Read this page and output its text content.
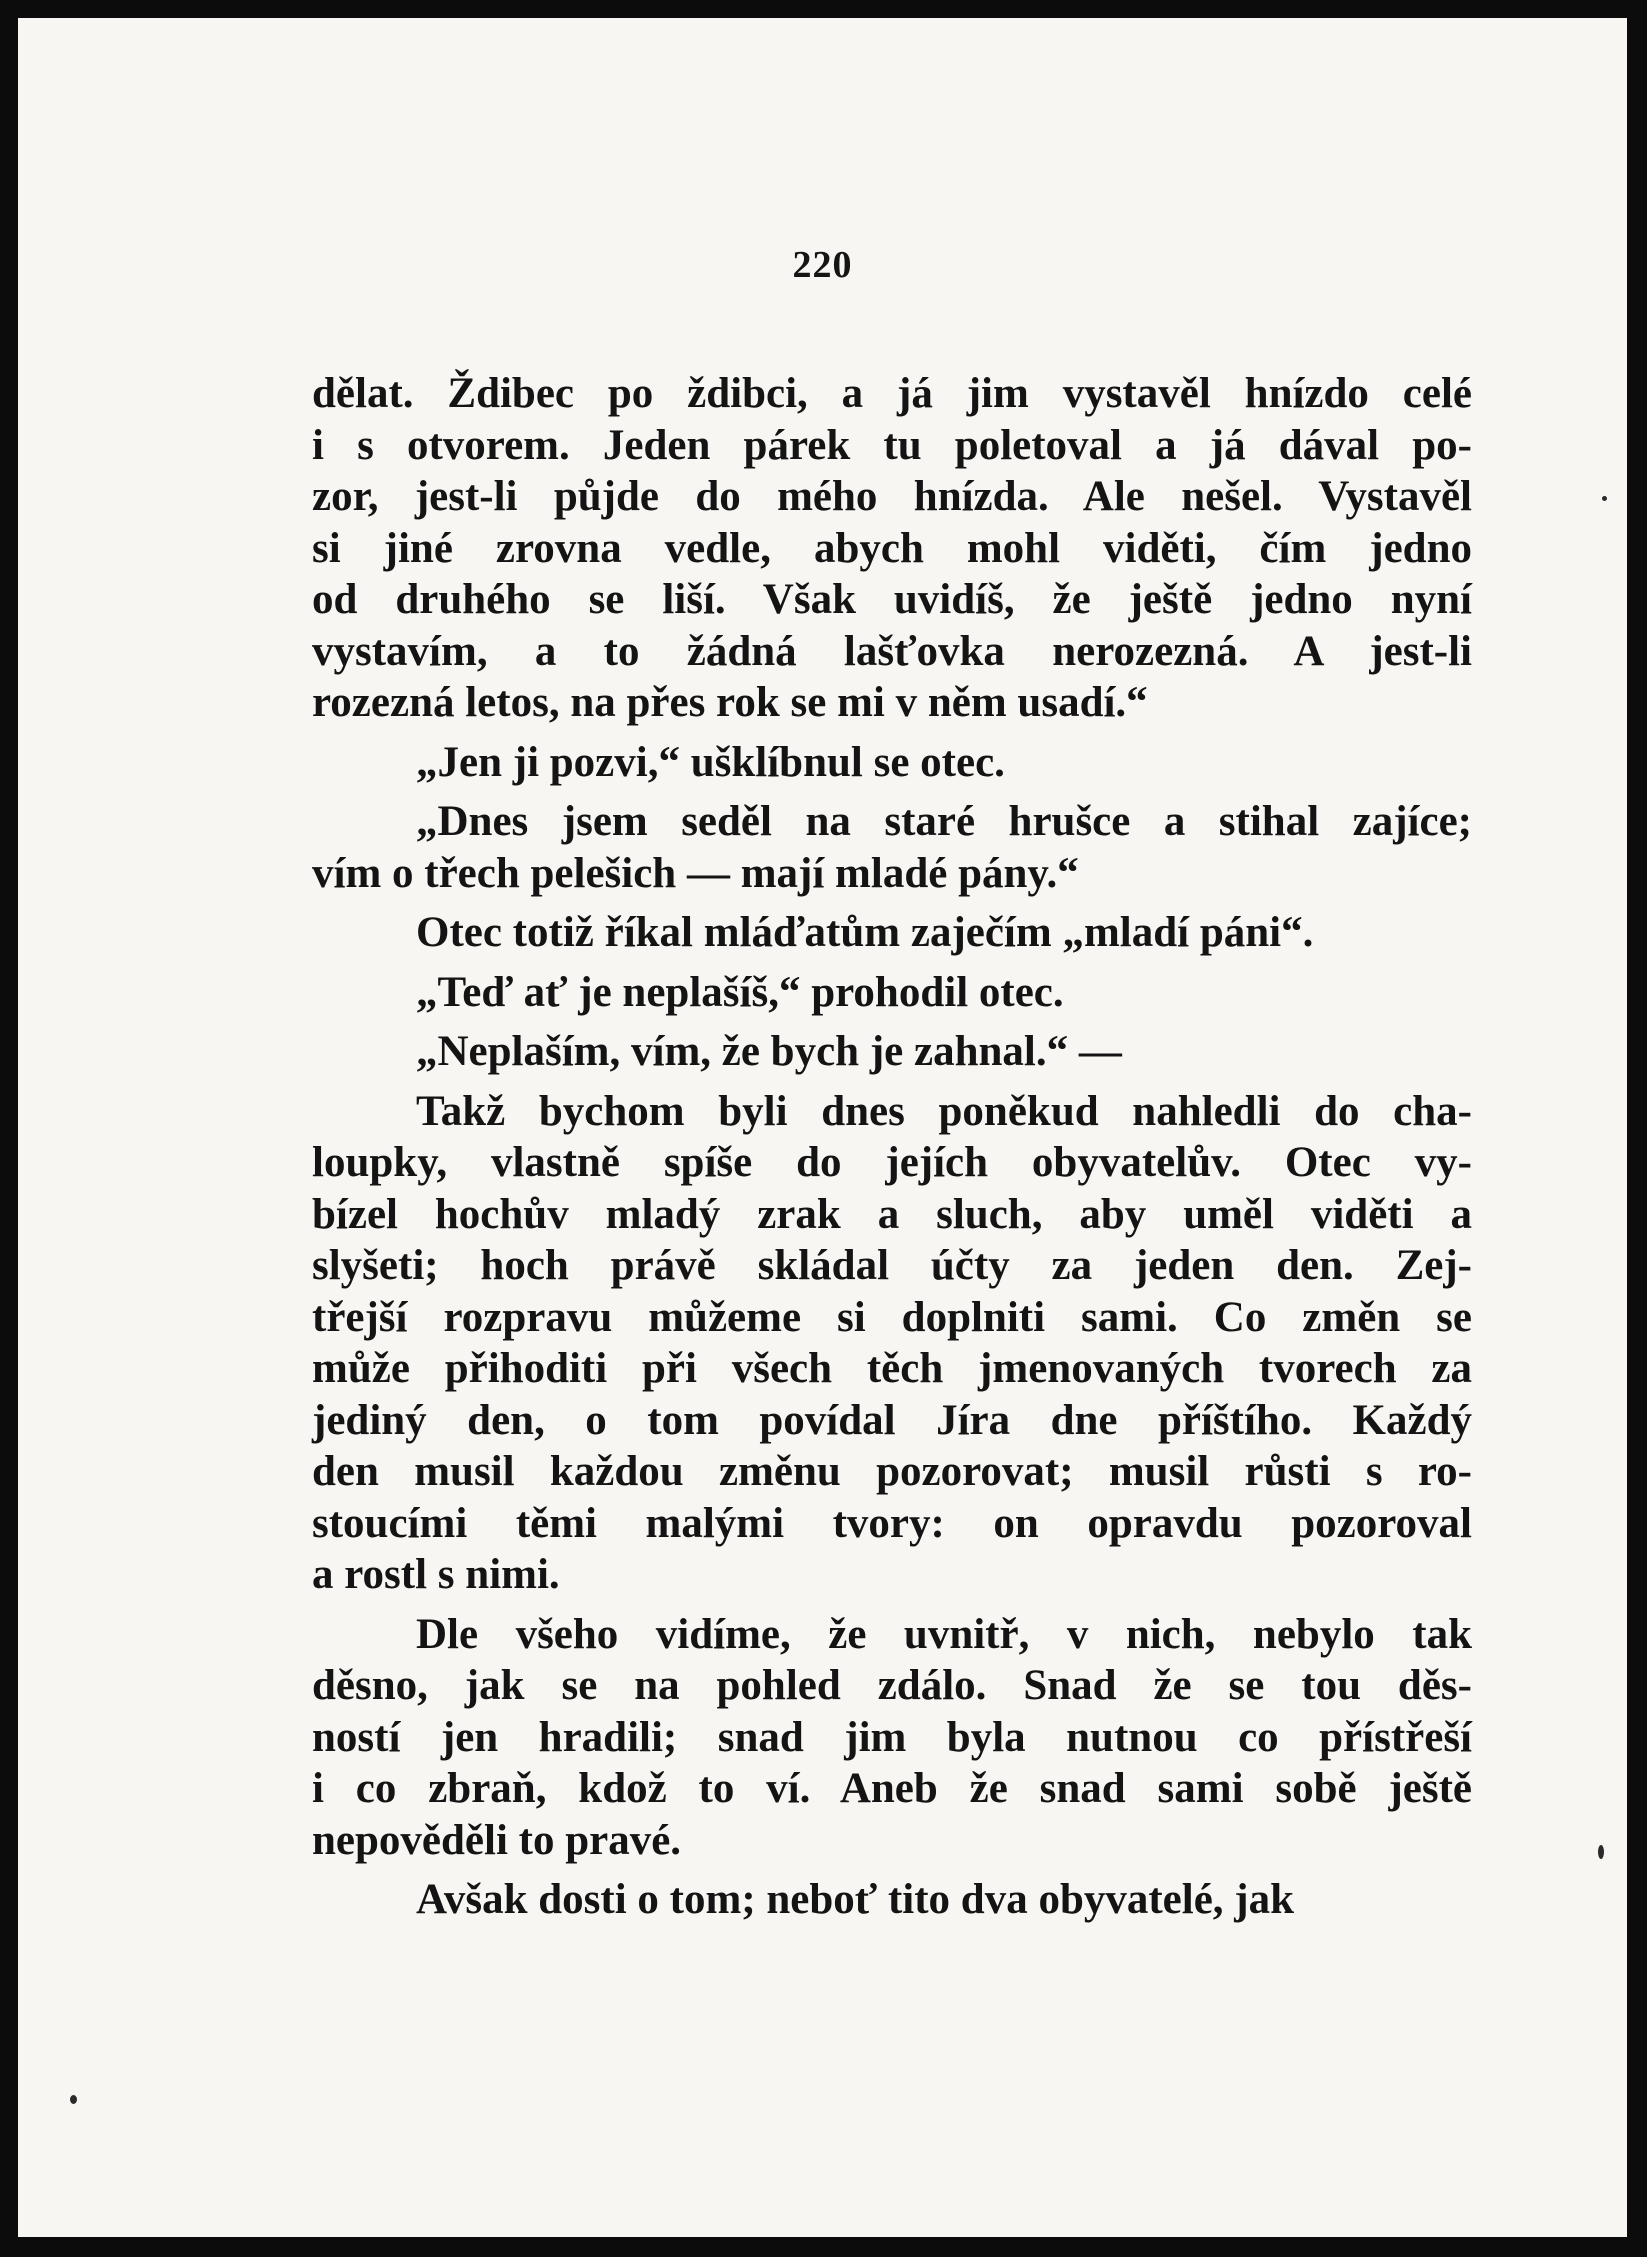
220
dělat. Ždibec po ždibci, a já jim vystavěl hnízdo celé
i s otvorem. Jeden párek tu poletoval a já dával po-
zor, jest-li půjde do mého hnízda. Ale nešel. Vystavěl
si jiné zrovna vedle, abych mohl viděti, čím jedno
od druhého se liší. Však uvidíš, že ještě jedno nyní
vystavím, a to žádná lašťovka nerozezná. A jest-li
rozezná letos, na přes rok se mi v něm usadí.“
„Jen ji pozvi,“ ušklíbnul se otec.
„Dnes jsem seděl na staré hrušce a stihal zajíce;
vím o třech pelešich — mají mladé pány.“
Otec totiž říkal mláďatům zaječím „mladí páni“.
„Teď ať je neplašíš,“ prohodil otec.
„Neplaším, vím, že bych je zahnal.“ —
Takž bychom byli dnes poněkud nahledli do cha-
loupky, vlastně spíše do jejích obyvatelův. Otec vy-
bízel hochův mladý zrak a sluch, aby uměl viděti a
slyšeti; hoch právě skládal účty za jeden den. Zej-
třejší rozpravu můžeme si doplniti sami. Co změn se
může přihoditi při všech těch jmenovaných tvorech za
jediný den, o tom povídal Jíra dne příštího. Každý
den musil každou změnu pozorovat; musil růsti s ro-
stoucími těmi malými tvory: on opravdu pozoroval
a rostl s nimi.
Dle všeho vidíme, že uvnitř, v nich, nebylo tak
děsno, jak se na pohled zdálo. Snad že se tou děs-
ností jen hradili; snad jim byla nutnou co přístřeší
i co zbraň, kdož to ví. Aneb že snad sami sobě ještě
nepověděli to pravé.
Avšak dosti o tom; neboť tito dva obyvatelé, jak
